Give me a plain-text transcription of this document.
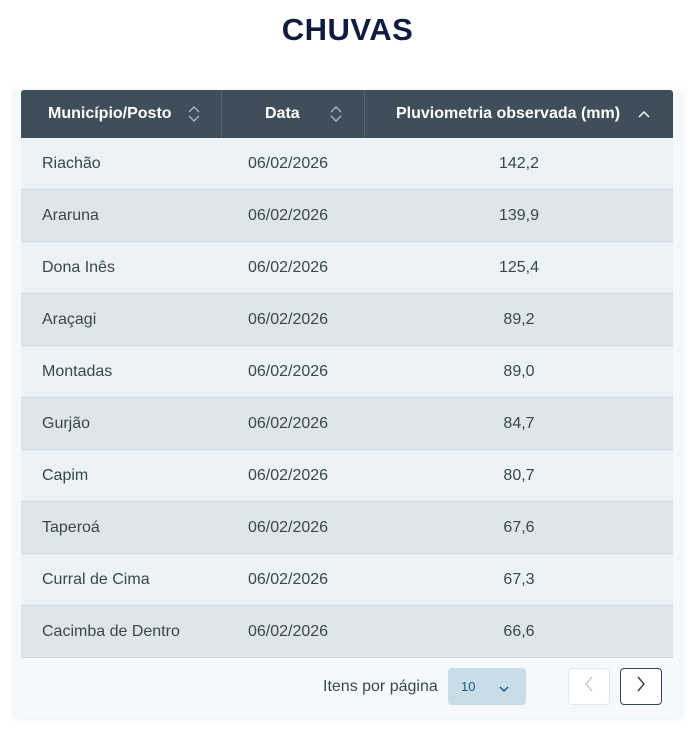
CHUVAS
Município/Posto	Data	Pluviometria observada (mm)
Riachão	06/02/2026	142,2
Araruna	06/02/2026	139,9
Dona Inês	06/02/2026	125,4
Araçagi	06/02/2026	89,2
Montadas	06/02/2026	89,0
Gurjão	06/02/2026	84,7
Capim	06/02/2026	80,7
Taperoá	06/02/2026	67,6
Curral de Cima	06/02/2026	67,3
Cacimba de Dentro	06/02/2026	66,6
Itens por página 10
